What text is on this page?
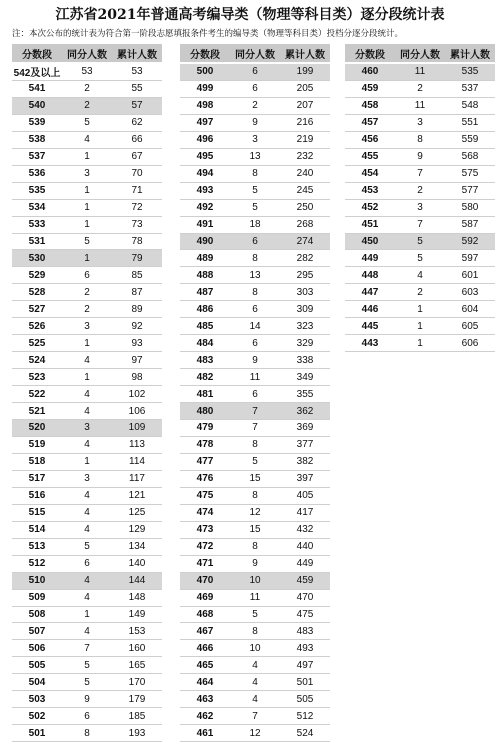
江苏省2021年普通高考编导类（物理等科目类）逐分段统计表
注：本次公布的统计表为符合第一阶段志愿填报条件考生的编导类（物理等科目类）投档分逐分段统计。
分数段	同分人数	累计人数
542及以上	53	53
541	2	55
540	2	57
539	5	62
538	4	66
537	1	67
536	3	70
535	1	71
534	1	72
533	1	73
531	5	78
530	1	79
529	6	85
528	2	87
527	2	89
526	3	92
525	1	93
524	4	97
523	1	98
522	4	102
521	4	106
520	3	109
519	4	113
518	1	114
517	3	117
516	4	121
515	4	125
514	4	129
513	5	134
512	6	140
510	4	144
509	4	148
508	1	149
507	4	153
506	7	160
505	5	165
504	5	170
503	9	179
502	6	185
501	8	193
分数段	同分人数	累计人数
500	6	199
499	6	205
498	2	207
497	9	216
496	3	219
495	13	232
494	8	240
493	5	245
492	5	250
491	18	268
490	6	274
489	8	282
488	13	295
487	8	303
486	6	309
485	14	323
484	6	329
483	9	338
482	11	349
481	6	355
480	7	362
479	7	369
478	8	377
477	5	382
476	15	397
475	8	405
474	12	417
473	15	432
472	8	440
471	9	449
470	10	459
469	11	470
468	5	475
467	8	483
466	10	493
465	4	497
464	4	501
463	4	505
462	7	512
461	12	524
分数段	同分人数	累计人数
460	11	535
459	2	537
458	11	548
457	3	551
456	8	559
455	9	568
454	7	575
453	2	577
452	3	580
451	7	587
450	5	592
449	5	597
448	4	601
447	2	603
446	1	604
445	1	605
443	1	606
